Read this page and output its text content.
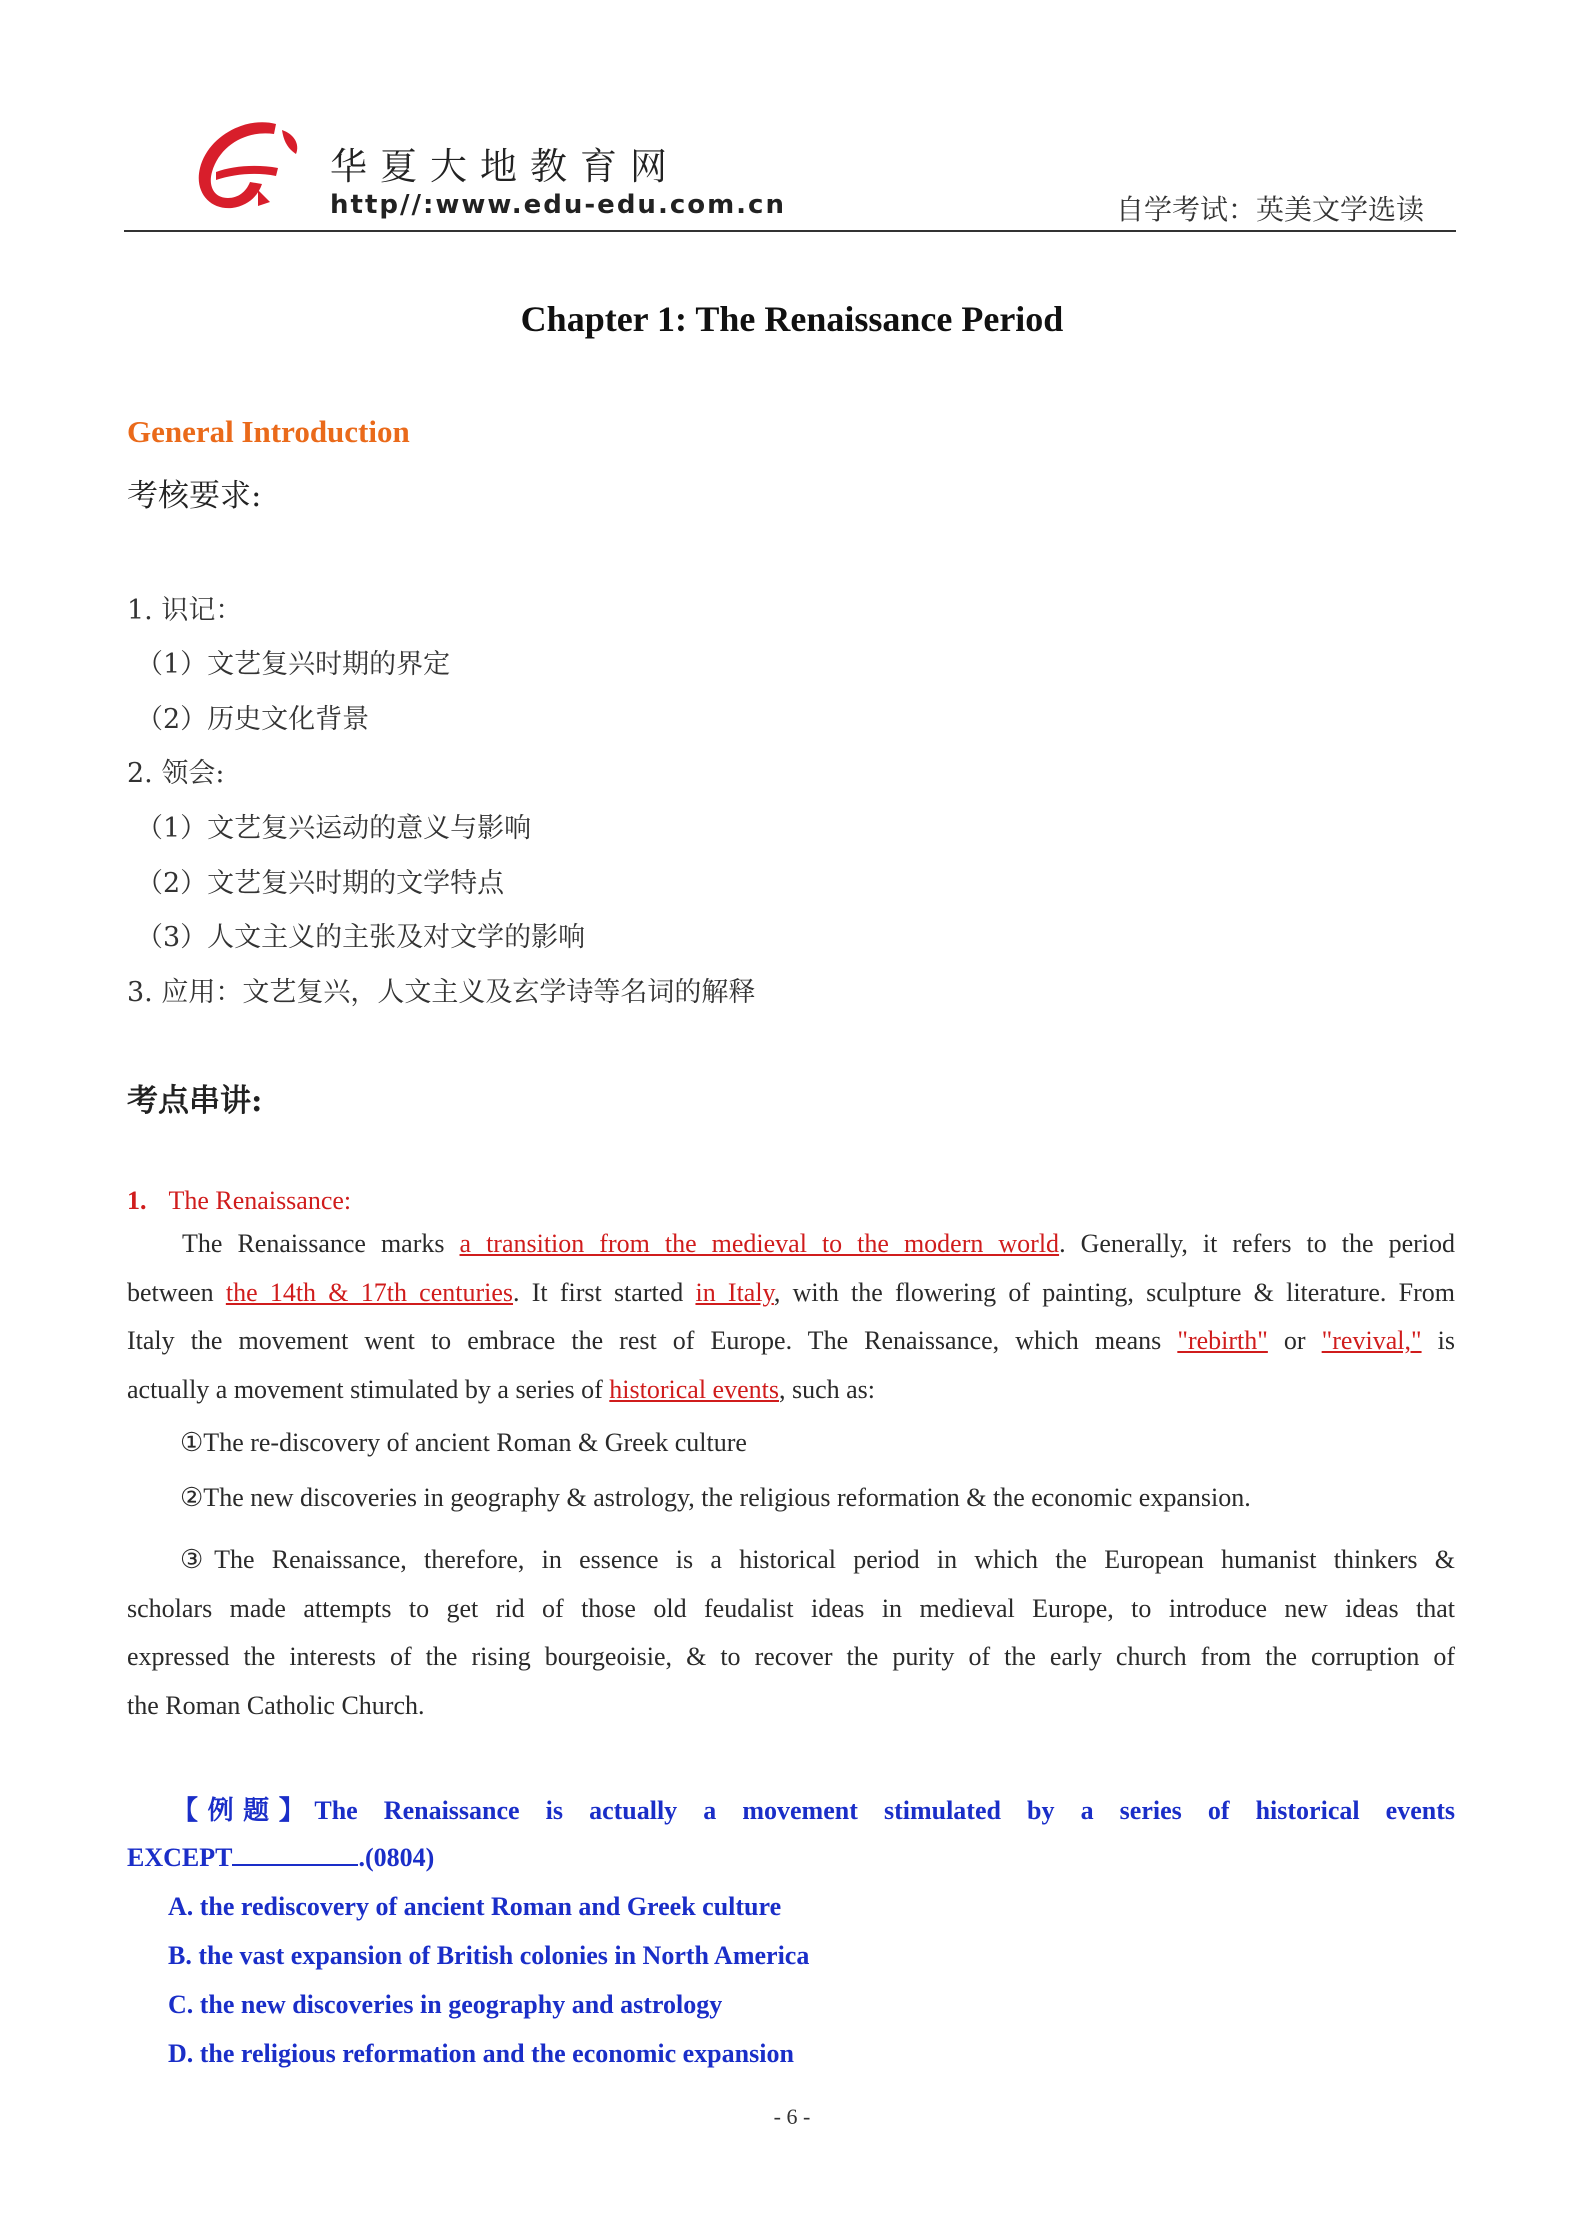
华夏大地教育网
http//:www.edu-edu.com.cn	自学考试：英美文学选读
Chapter 1: The Renaissance Period
General Introduction
考核要求:
1. 识记：
（1）文艺复兴时期的界定
（2）历史文化背景
2. 领会:
（1）文艺复兴运动的意义与影响
（2）文艺复兴时期的文学特点
（3）人文主义的主张及对文学的影响
3. 应用：文艺复兴，人文主义及玄学诗等名词的解释
考点串讲:
1. The Renaissance:
The Renaissance marks a transition from the medieval to the modern world. Generally, it refers to the period
between the 14th & 17th centuries. It first started in Italy, with the flowering of painting, sculpture & literature. From
Italy the movement went to embrace the rest of Europe. The Renaissance, which means "rebirth" or "revival," is
actually a movement stimulated by a series of historical events, such as:
①The re-discovery of ancient Roman & Greek culture
②The new discoveries in geography & astrology, the religious reformation & the economic expansion.
③The Renaissance, therefore, in essence is a historical period in which the European humanist thinkers &
scholars made attempts to get rid of those old feudalist ideas in medieval Europe, to introduce new ideas that
expressed the interests of the rising bourgeoisie, & to recover the purity of the early church from the corruption of
the Roman Catholic Church.
【例题】The Renaissance is actually a movement stimulated by a series of historical events
EXCEPT	.(0804)
A. the rediscovery of ancient Roman and Greek culture
B. the vast expansion of British colonies in North America
C. the new discoveries in geography and astrology
D. the religious reformation and the economic expansion
- 6 -
